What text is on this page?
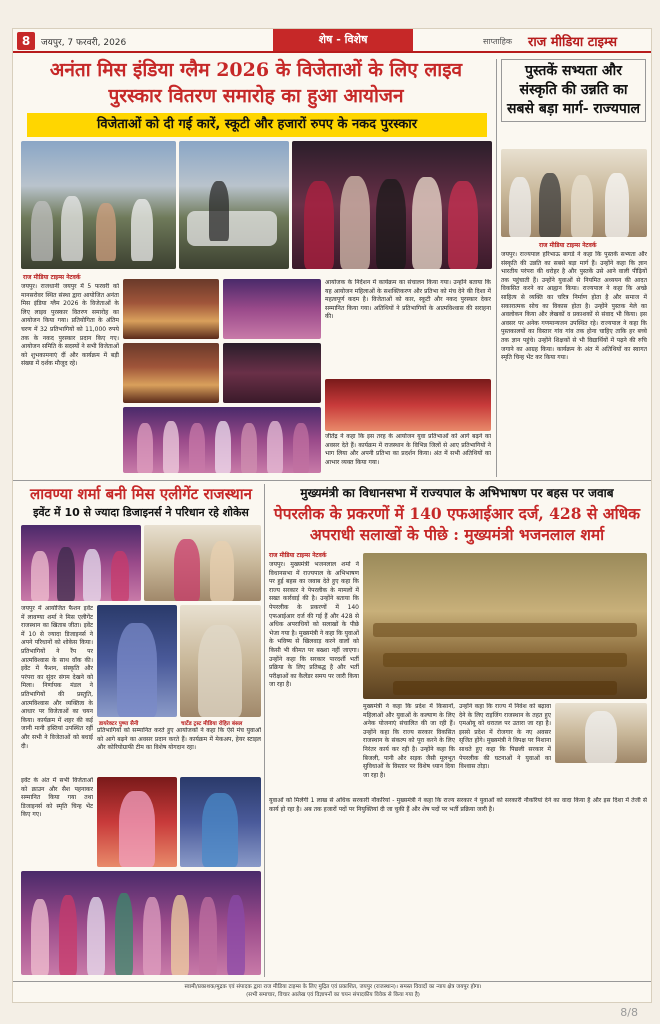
8	जयपुर, 7 फरवरी, 2026	शेष - विशेष	साप्ताहिक राज मीडिया टाइम्स
अनंता मिस इंडिया ग्लैम 2026 के विजेताओं के लिए लाइव पुरस्कार वितरण समारोह का हुआ आयोजन
विजेताओं को दी गई कारें, स्कूटी और हजारों रुपए के नकद पुरस्कार
राज मीडिया टाइम्स नेटवर्क
जयपुर। राजधानी जयपुर में 5 फरवरी को मानसरोवर स्थित संस्था द्वारा आयोजित अनंता मिस इंडिया ग्लैम 2026 के विजेताओं के लिए लाइव पुरस्कार वितरण समारोह का आयोजन किया गया। प्रतियोगिता के अंतिम चरण में 32 प्रतिभागियों को 11,000 रुपये तक के नकद पुरस्कार प्रदान किए गए। आयोजन समिति के सदस्यों ने सभी विजेताओं को शुभकामनाएं दीं और कार्यक्रम में बड़ी संख्या में दर्शक मौजूद रहे।
आयोजक के निर्देशन में कार्यक्रम का संचालन किया गया। उन्होंने बताया कि यह आयोजन महिलाओं के सशक्तिकरण और प्रतिभा को मंच देने की दिशा में महत्वपूर्ण कदम है। विजेताओं को कार, स्कूटी और नकद पुरस्कार देकर सम्मानित किया गया। अतिथियों ने प्रतिभागियों के आत्मविश्वास की सराहना की।
जीतेंद्र ने कहा कि इस तरह के आयोजन युवा प्रतिभाओं को आगे बढ़ने का अवसर देते हैं। कार्यक्रम में राजस्थान के विभिन्न जिलों से आए प्रतिभागियों ने भाग लिया और अपनी प्रतिभा का प्रदर्शन किया। अंत में सभी अतिथियों का आभार व्यक्त किया गया।
पुस्तकें सभ्यता और संस्कृति की उन्नति का सबसे बड़ा मार्ग- राज्यपाल
राज मीडिया टाइम्स नेटवर्क
जयपुर। राज्यपाल हरिभाऊ बागडे ने कहा कि पुस्तकें सभ्यता और संस्कृति की उन्नति का सबसे बड़ा मार्ग हैं। उन्होंने कहा कि ज्ञान भारतीय परंपरा की धरोहर है और पुस्तकें उसे आने वाली पीढ़ियों तक पहुंचाती हैं। उन्होंने युवाओं से नियमित अध्ययन की आदत विकसित करने का आह्वान किया। राज्यपाल ने कहा कि अच्छे साहित्य से व्यक्ति का चरित्र निर्माण होता है और समाज में सकारात्मक सोच का विकास होता है। उन्होंने पुस्तक मेले का अवलोकन किया और लेखकों व प्रकाशकों से संवाद भी किया। इस अवसर पर अनेक गणमान्यजन उपस्थित रहे। राज्यपाल ने कहा कि पुस्तकालयों का विस्तार गांव गांव तक होना चाहिए ताकि हर बच्चे तक ज्ञान पहुंचे। उन्होंने शिक्षकों से भी विद्यार्थियों में पढ़ने की रुचि जगाने का आग्रह किया। कार्यक्रम के अंत में अतिथियों का स्वागत स्मृति चिन्ह भेंट कर किया गया।
लावण्या शर्मा बनी मिस एलीगेंट राजस्थान
इवेंट में 10 से ज्यादा डिजाइनर्स ने परिधान रहे शोकेस
जयपुर में आयोजित फैशन इवेंट में लावण्या शर्मा ने मिस एलीगेंट राजस्थान का खिताब जीता। इवेंट में 10 से ज्यादा डिजाइनर्स ने अपने परिधानों को शोकेस किया। प्रतिभागियों ने रैंप पर आत्मविश्वास के साथ वॉक की। इवेंट में फैशन, संस्कृति और परंपरा का सुंदर संगम देखने को मिला। निर्णायक मंडल ने प्रतिभागियों की प्रस्तुति, आत्मविश्वास और व्यक्तित्व के आधार पर विजेताओं का चयन किया। कार्यक्रम में शहर की कई जानी मानी हस्तियां उपस्थित रहीं और सभी ने विजेताओं को बधाई दी।
डायरेक्टर पुष्पा सैनी	चार्टेड ट्रस्ट मीडिया रोहित बंसल
प्रतिभागियों को सम्मानित करते हुए आयोजकों ने कहा कि ऐसे मंच युवाओं को आगे बढ़ने का अवसर प्रदान करते हैं। कार्यक्रम में मेकअप, हेयर स्टाइल और कोरियोग्राफी टीम का विशेष योगदान रहा।
इवेंट के अंत में सभी विजेताओं को क्राउन और सैश पहनाकर सम्मानित किया गया तथा डिजाइनर्स को स्मृति चिन्ह भेंट किए गए।
मुख्यमंत्री का विधानसभा में राज्यपाल के अभिभाषण पर बहस पर जवाब
पेपरलीक के प्रकरणों में 140 एफआईआर दर्ज, 428 से अधिक अपराधी सलाखों के पीछे : मुख्यमंत्री भजनलाल शर्मा
राज मीडिया टाइम्स नेटवर्क
जयपुर। मुख्यमंत्री भजनलाल शर्मा ने विधानसभा में राज्यपाल के अभिभाषण पर हुई बहस का जवाब देते हुए कहा कि राज्य सरकार ने पेपरलीक के मामलों में सख्त कार्रवाई की है। उन्होंने बताया कि पेपरलीक के प्रकरणों में 140 एफआईआर दर्ज की गई हैं और 428 से अधिक अपराधियों को सलाखों के पीछे भेजा गया है। मुख्यमंत्री ने कहा कि युवाओं के भविष्य से खिलवाड़ करने वालों को किसी भी कीमत पर बख्शा नहीं जाएगा। उन्होंने कहा कि सरकार पारदर्शी भर्ती प्रक्रिया के लिए प्रतिबद्ध है और भर्ती परीक्षाओं का कैलेंडर समय पर जारी किया जा रहा है।
मुख्यमंत्री ने कहा कि प्रदेश में किसानों, महिलाओं और युवाओं के कल्याण के लिए अनेक योजनाएं संचालित की जा रही हैं। उन्होंने कहा कि राज्य सरकार विकसित राजस्थान के संकल्प को पूरा करने के लिए निरंतर कार्य कर रही है। उन्होंने कहा कि बिजली, पानी और सड़क जैसी मूलभूत सुविधाओं के विस्तार पर विशेष ध्यान दिया जा रहा है।
उन्होंने कहा कि राज्य में निवेश को बढ़ावा देने के लिए राइजिंग राजस्थान के तहत हुए एमओयू को धरातल पर उतारा जा रहा है। इससे प्रदेश में रोजगार के नए अवसर सृजित होंगे। मुख्यमंत्री ने विपक्ष पर निशाना साधते हुए कहा कि पिछली सरकार में पेपरलीक की घटनाओं ने युवाओं का विश्वास तोड़ा।
युवाओं को मिलेंगी 1 लाख से अधिक सरकारी नौकरियां - मुख्यमंत्री ने कहा कि राज्य सरकार ने युवाओं को सरकारी नौकरियां देने का वादा किया है और इस दिशा में तेजी से कार्य हो रहा है। अब तक हजारों पदों पर नियुक्तियां दी जा चुकी हैं और शेष पदों पर भर्ती प्रक्रिया जारी है।
स्वामी/प्रकाशक/मुद्रक एवं संपादक द्वारा राज मीडिया टाइम्स के लिए मुद्रित एवं प्रकाशित, जयपुर (राजस्थान)। समस्त विवादों का न्याय क्षेत्र जयपुर होगा।
(सभी समाचार, विचार आलेख एवं विज्ञापनों का चयन संपादकीय विवेक से किया गया है)
8/8
